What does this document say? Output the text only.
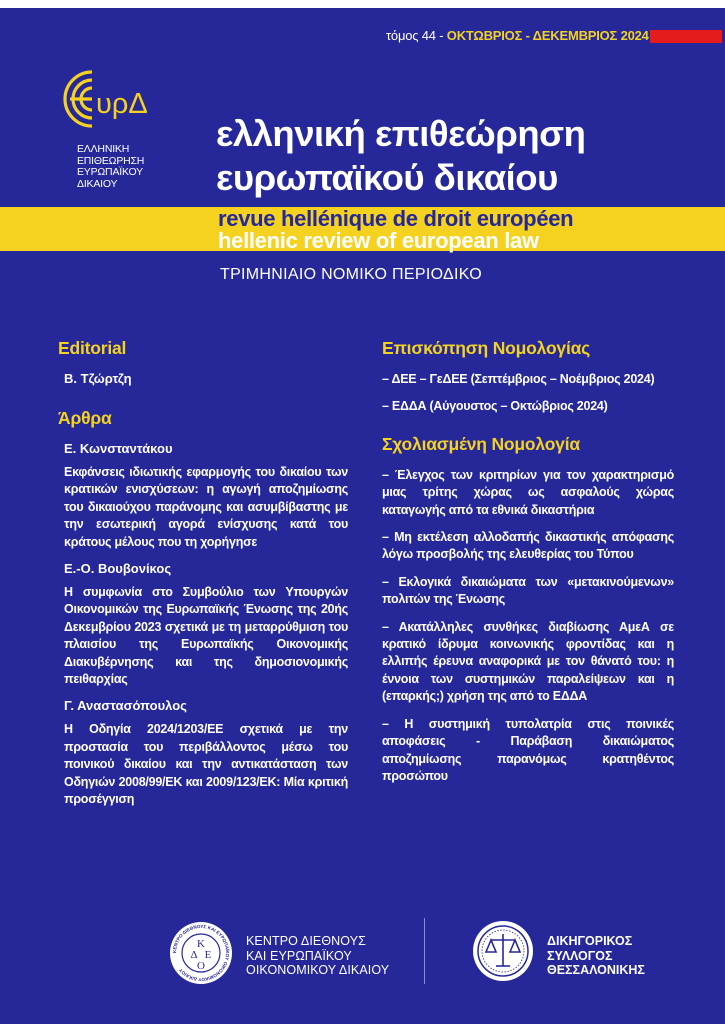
τόμος 44 - ΟΚΤΩΒΡΙΟΣ - ΔΕΚΕΜΒΡΙΟΣ 2024
υρΔ
ΕΛΛΗΝΙΚΗ
ΕΠΙΘΕΩΡΗΣΗ
ΕΥΡΩΠΑΪΚΟΥ
ΔΙΚΑΙΟΥ
ελληνική επιθεώρηση
ευρωπαϊκού δικαίου
revue hellénique de droit européen
hellenic review of european law
ΤΡΙΜΗΝΙΑΙΟ ΝΟΜΙΚΟ ΠΕΡΙΟΔΙΚΟ
Editorial
Β. Τζώρτζη
Άρθρα
Ε. Κωνσταντάκου
Εκφάνσεις ιδιωτικής εφαρμογής του δικαίου των κρατικών ενισχύσεων: η αγωγή αποζημίωσης του δικαιούχου παράνομης και ασυμβίβαστης με την εσωτερική αγορά ενίσχυσης κατά του κράτους μέλους που τη χορήγησε
Ε.-Ο. Βουβονίκος
Η συμφωνία στο Συμβούλιο των Υπουργών Οικονομικών της Ευρωπαϊκής Ένωσης της 20ής Δεκεμβρίου 2023 σχετικά με τη μεταρρύθμιση του πλαισίου της Ευρωπαϊκής Οικονομικής Διακυβέρνησης και της δημοσιονομικής πειθαρχίας
Γ. Αναστασόπουλος
Η Οδηγία 2024/1203/ΕΕ σχετικά με την προστασία του περιβάλλοντος μέσω του ποινικού δικαίου και την αντικατάσταση των Οδηγιών 2008/99/ΕΚ και 2009/123/ΕΚ: Μία κριτική προσέγγιση
Επισκόπηση Νομολογίας
– ΔΕΕ – ΓεΔΕΕ (Σεπτέμβριος – Νοέμβριος 2024)
– ΕΔΔΑ (Αύγουστος – Οκτώβριος 2024)
Σχολιασμένη Νομολογία
– Έλεγχος των κριτηρίων για τον χαρακτηρισμό μιας τρίτης χώρας ως ασφαλούς χώρας καταγωγής από τα εθνικά δικαστήρια
– Μη εκτέλεση αλλοδαπής δικαστικής απόφασης λόγω προσβολής της ελευθερίας του Τύπου
– Εκλογικά δικαιώματα των «μετακινούμενων» πολιτών της Ένωσης
– Ακατάλληλες συνθήκες διαβίωσης ΑμεΑ σε κρατικό ίδρυμα κοινωνικής φροντίδας και η ελλιπής έρευνα αναφορικά με τον θάνατό του: η έννοια των συστημικών παραλείψεων και η (επαρκής;) χρήση της από το ΕΔΔΑ
– Η συστημική τυπολατρία στις ποινικές αποφάσεις - Παράβαση δικαιώματος αποζημίωσης παρανόμως κρατηθέντος προσώπου
ΚΕΝΤΡΟ ΔΙΕΘΝΟΥΣ ΚΑΙ ΕΥΡΩΠΑΪΚΟΥ ΟΙΚΟΝΟΜΙΚΟΥ ΔΙΚΑΙΟΥ
Κ
Δ Ε
Ο
ΚΕΝΤΡΟ ΔΙΕΘΝΟΥΣ
ΚΑΙ ΕΥΡΩΠΑΪΚΟΥ
ΟΙΚΟΝΟΜΙΚΟΥ ΔΙΚΑΙΟΥ
ΔΙΚΗΓΟΡΙΚΟΣ
ΣΥΛΛΟΓΟΣ
ΘΕΣΣΑΛΟΝΙΚΗΣ
